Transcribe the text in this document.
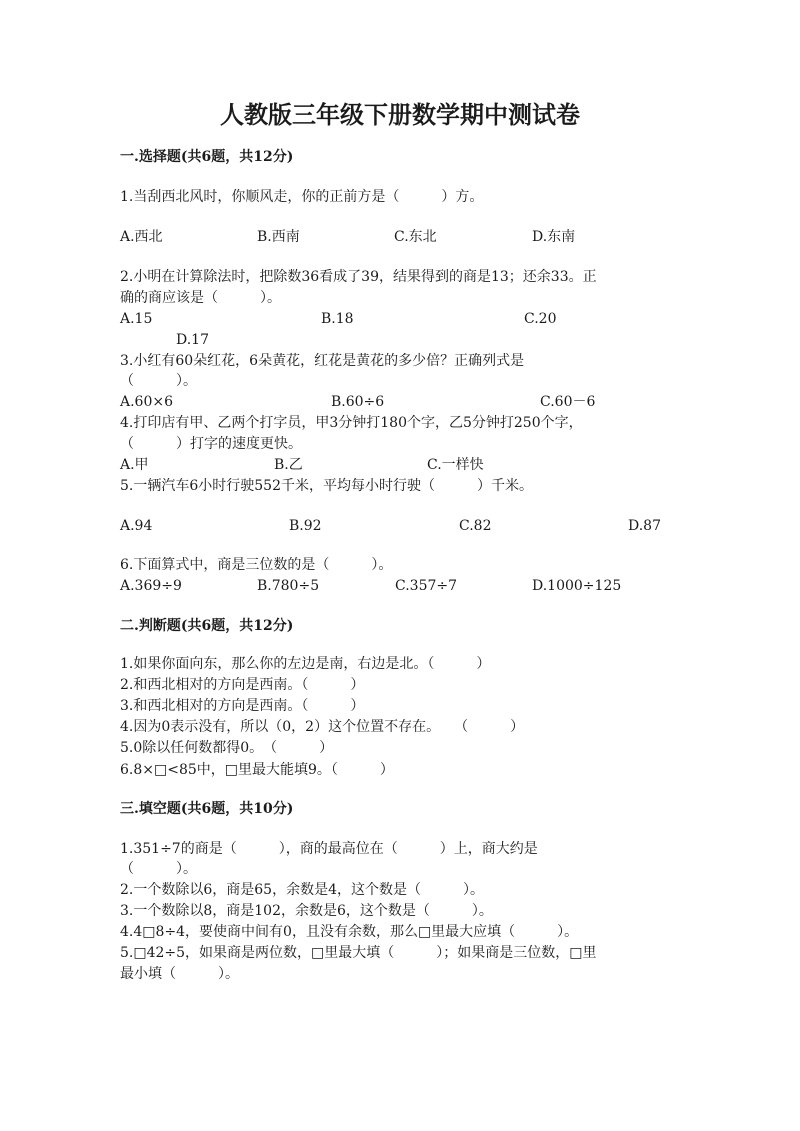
人教版三年级下册数学期中测试卷
一.选择题(共6题，共12分)
1.当刮西北风时，你顺风走，你的正前方是（　　　）方。
A.西北	B.西南	C.东北	D.东南
2.小明在计算除法时，把除数36看成了39，结果得到的商是13；还余33。正
确的商应该是（　　　）。
A.15	B.18	C.20
D.17
3.小红有60朵红花，6朵黄花，红花是黄花的多少倍？正确列式是
（　　　）。
A.60×6	B.60÷6	C.60－6
4.打印店有甲、乙两个打字员，甲3分钟打180个字，乙5分钟打250个字，
（　　　）打字的速度更快。
A.甲	B.乙	C.一样快
5.一辆汽车6小时行驶552千米，平均每小时行驶（　　　）千米。
A.94	B.92	C.82	D.87
6.下面算式中，商是三位数的是（　　　）。
A.369÷9	B.780÷5	C.357÷7	D.1000÷125
二.判断题(共6题，共12分)
1.如果你面向东，那么你的左边是南，右边是北。（　　　）
2.和西北相对的方向是西南。（　　　）
3.和西北相对的方向是西南。（　　　）
4.因为0表示没有，所以（0，2）这个位置不存在。　　（　　　）
5.0除以任何数都得0。　（　　　）
6.8×□<85中，□里最大能填9。（　　　）
三.填空题(共6题，共10分)
1.351÷7的商是（　　　），商的最高位在（　　　）上，商大约是
（　　　）。
2.一个数除以6，商是65，余数是4，这个数是（　　　）。
3.一个数除以8，商是102，余数是6，这个数是（　　　）。
4.4□8÷4，要使商中间有0，且没有余数，那么□里最大应填（　　　）。
5.□42÷5，如果商是两位数，□里最大填（　　　）；如果商是三位数，□里
最小填（　　　）。
